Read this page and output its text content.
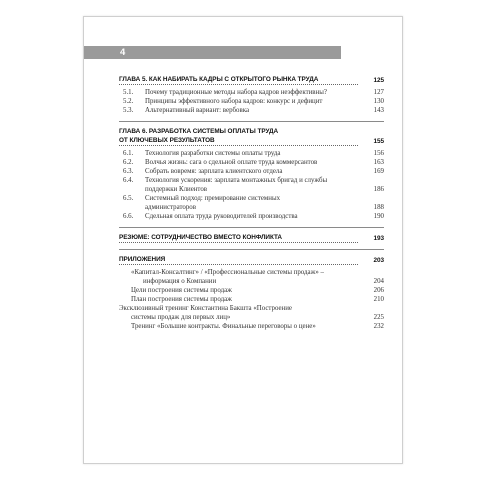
4
ГЛАВА 5. КАК НАБИРАТЬ КАДРЫ С ОТКРЫТОГО РЫНКА ТРУДА	125
5.1. Почему традиционные методы набора кадров неэффективны?	127
5.2. Принципы эффективного набора кадров: конкурс и дефицит	130
5.3. Альтернативный вариант: вербовка	143
ГЛАВА 6. РАЗРАБОТКА СИСТЕМЫ ОПЛАТЫ ТРУДА
ОТ КЛЮЧЕВЫХ РЕЗУЛЬТАТОВ	155
6.1. Технология разработки системы оплаты труда	156
6.2. Волчья жизнь: сага о сдельной оплате труда коммерсантов	163
6.3. Собрать вовремя: зарплата клиентского отдела	169
6.4. Технология ускорения: зарплата монтажных бригад и службы
поддержки Клиентов	186
6.5. Системный подход: премирование системных
администраторов	188
6.6. Сдельная оплата труда руководителей производства	190
РЕЗЮМЕ: СОТРУДНИЧЕСТВО ВМЕСТО КОНФЛИКТА	193
ПРИЛОЖЕНИЯ	203
«Капитал-Консалтинг» / «Профессиональные системы продаж» –
информация о Компании	204
Цели построения системы продаж	206
План построения системы продаж	210
Эксклюзивный тренинг Константина Бакшта «Построение
системы продаж для первых лиц»	225
Тренинг «Большие контракты. Финальные переговоры о цене»	232
